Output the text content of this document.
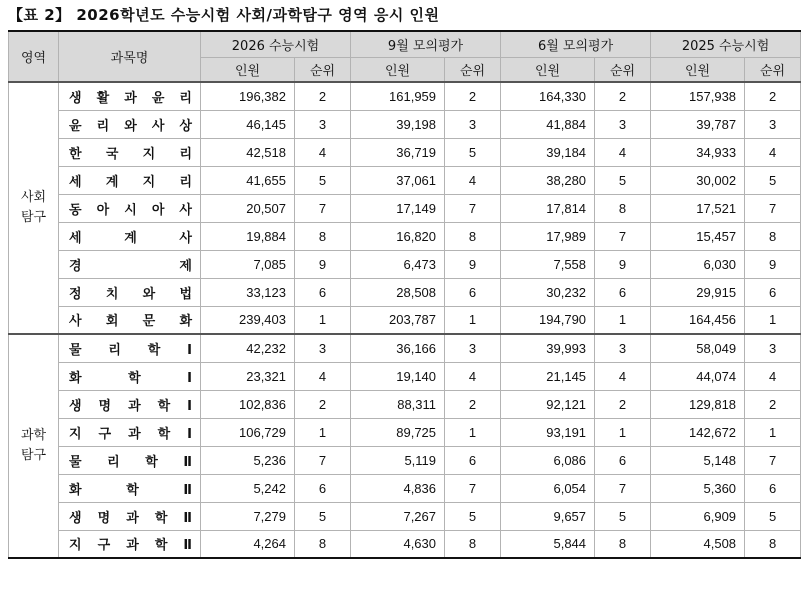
【표 2】 2026학년도 수능시험 사회/과학탐구 영역 응시 인원
영역	과목명	2026 수능시험		9월 모의평가		6월 모의평가		2025 수능시험	
		인원	순위	인원	순위	인원	순위	인원	순위
사회
탐구	생 활 과 윤 리	196,382	2	161,959	2	164,330	2	157,938	2

	윤 리 와 사 상	46,145	3	39,198	3	41,884	3	39,787	3

	한 국 지 리	42,518	4	36,719	5	39,184	4	34,933	4

	세 계 지 리	41,655	5	37,061	4	38,280	5	30,002	5

	동 아 시 아 사	20,507	7	17,149	7	17,814	8	17,521	7

	세 계 사	19,884	8	16,820	8	17,989	7	15,457	8

	경 제	7,085	9	6,473	9	7,558	9	6,030	9

	정 치 와 법	33,123	6	28,508	6	30,232	6	29,915	6

	사 회 문 화	239,403	1	203,787	1	194,790	1	164,456	1
과학
탐구	물 리 학 Ⅰ	42,232	3	36,166	3	39,993	3	58,049	3

	화 학 Ⅰ	23,321	4	19,140	4	21,145	4	44,074	4

	생 명 과 학 Ⅰ	102,836	2	88,311	2	92,121	2	129,818	2

	지 구 과 학 Ⅰ	106,729	1	89,725	1	93,191	1	142,672	1

	물 리 학 Ⅱ	5,236	7	5,119	6	6,086	6	5,148	7

	화 학 Ⅱ	5,242	6	4,836	7	6,054	7	5,360	6

	생 명 과 학 Ⅱ	7,279	5	7,267	5	9,657	5	6,909	5

	지 구 과 학 Ⅱ	4,264	8	4,630	8	5,844	8	4,508	8
